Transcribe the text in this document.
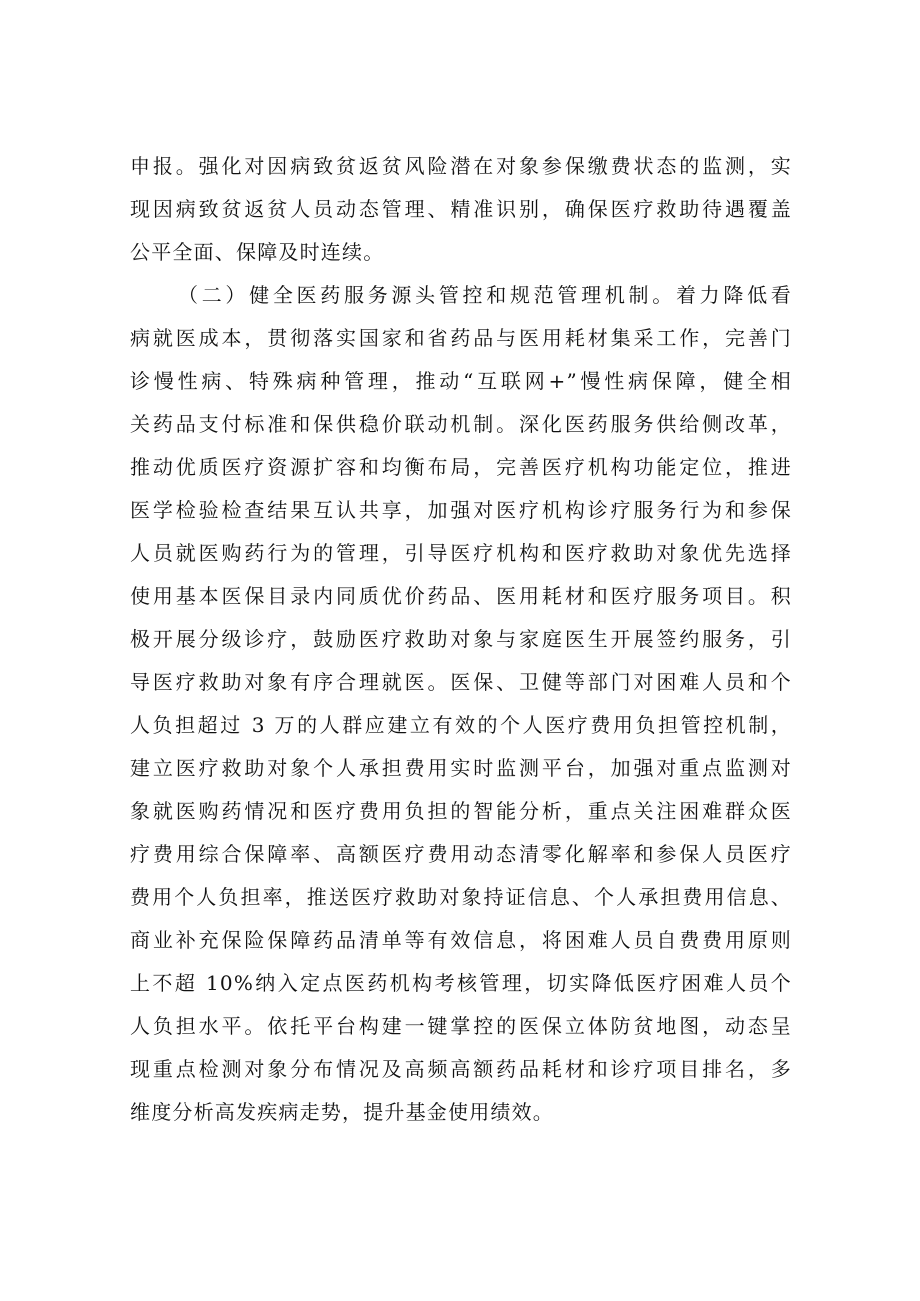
申报。强化对因病致贫返贫风险潜在对象参保缴费状态的监测，实
现因病致贫返贫人员动态管理、精准识别，确保医疗救助待遇覆盖
公平全面、保障及时连续。

（二）健全医药服务源头管控和规范管理机制。着力降低看
病就医成本，贯彻落实国家和省药品与医用耗材集采工作，完善门
诊慢性病、特殊病种管理，推动“互联网+”慢性病保障，健全相
关药品支付标准和保供稳价联动机制。深化医药服务供给侧改革，
推动优质医疗资源扩容和均衡布局，完善医疗机构功能定位，推进
医学检验检查结果互认共享，加强对医疗机构诊疗服务行为和参保
人员就医购药行为的管理，引导医疗机构和医疗救助对象优先选择
使用基本医保目录内同质优价药品、医用耗材和医疗服务项目。积
极开展分级诊疗，鼓励医疗救助对象与家庭医生开展签约服务，引
导医疗救助对象有序合理就医。医保、卫健等部门对困难人员和个
人负担超过 3 万的人群应建立有效的个人医疗费用负担管控机制，
建立医疗救助对象个人承担费用实时监测平台，加强对重点监测对
象就医购药情况和医疗费用负担的智能分析，重点关注困难群众医
疗费用综合保障率、高额医疗费用动态清零化解率和参保人员医疗
费用个人负担率，推送医疗救助对象持证信息、个人承担费用信息、
商业补充保险保障药品清单等有效信息，将困难人员自费费用原则
上不超 10%纳入定点医药机构考核管理，切实降低医疗困难人员个
人负担水平。依托平台构建一键掌控的医保立体防贫地图，动态呈
现重点检测对象分布情况及高频高额药品耗材和诊疗项目排名，多
维度分析高发疾病走势，提升基金使用绩效。
